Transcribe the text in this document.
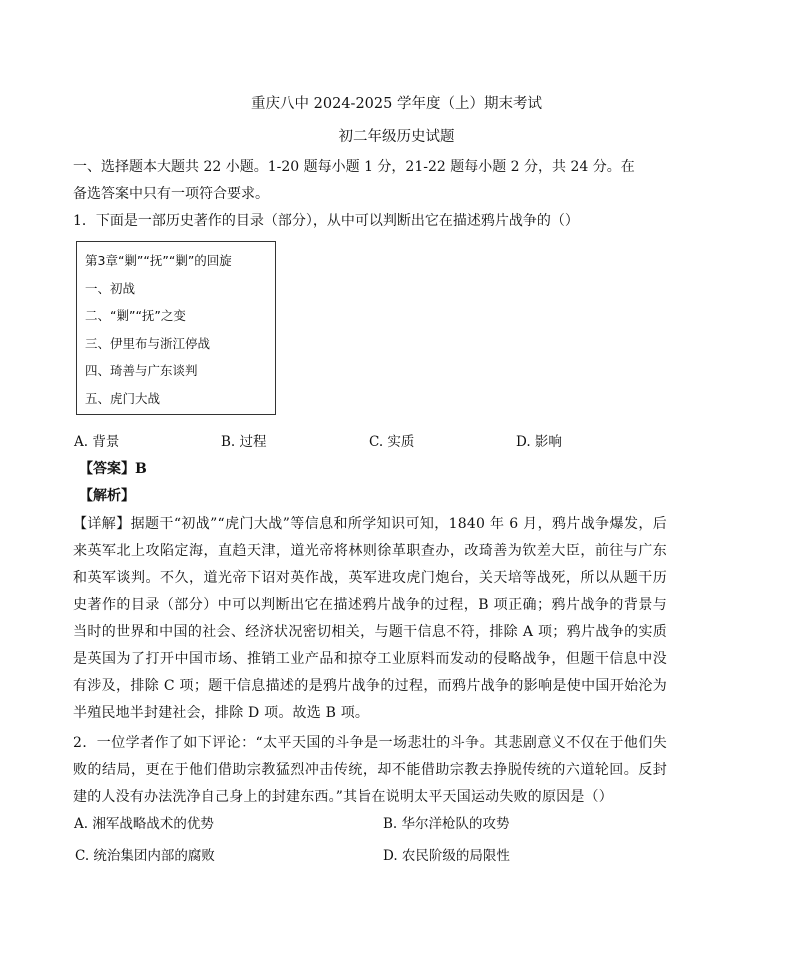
重庆八中 2024-2025 学年度（上）期末考试
初二年级历史试题
一、选择题本大题共 22 小题。1-20 题每小题 1 分，21-22 题每小题 2 分，共 24 分。在
备选答案中只有一项符合要求。
1．下面是一部历史著作的目录（部分），从中可以判断出它在描述鸦片战争的（）
第3章“剿”“抚”“剿”的回旋
一、初战
二、“剿”“抚”之变
三、伊里布与浙江停战
四、琦善与广东谈判
五、虎门大战
A. 背景	B. 过程	C. 实质	D. 影响
【答案】B
【解析】
【详解】据题干“初战”“虎门大战”等信息和所学知识可知，1840 年 6 月，鸦片战争爆发，后来英军北上攻陷定海，直趋天津，道光帝将林则徐革职查办，改琦善为钦差大臣，前往与广东和英军谈判。不久，道光帝下诏对英作战，英军进攻虎门炮台，关天培等战死，所以从题干历史著作的目录（部分）中可以判断出它在描述鸦片战争的过程，B 项正确；鸦片战争的背景与当时的世界和中国的社会、经济状况密切相关，与题干信息不符，排除 A 项；鸦片战争的实质是英国为了打开中国市场、推销工业产品和掠夺工业原料而发动的侵略战争，但题干信息中没有涉及，排除 C 项；题干信息描述的是鸦片战争的过程，而鸦片战争的影响是使中国开始沦为半殖民地半封建社会，排除 D 项。故选 B 项。
2．一位学者作了如下评论：“太平天国的斗争是一场悲壮的斗争。其悲剧意义不仅在于他们失败的结局，更在于他们借助宗教猛烈冲击传统，却不能借助宗教去挣脱传统的六道轮回。反封建的人没有办法洗净自己身上的封建东西。”其旨在说明太平天国运动失败的原因是（）
A. 湘军战略战术的优势	B. 华尔洋枪队的攻势
C. 统治集团内部的腐败	D. 农民阶级的局限性
